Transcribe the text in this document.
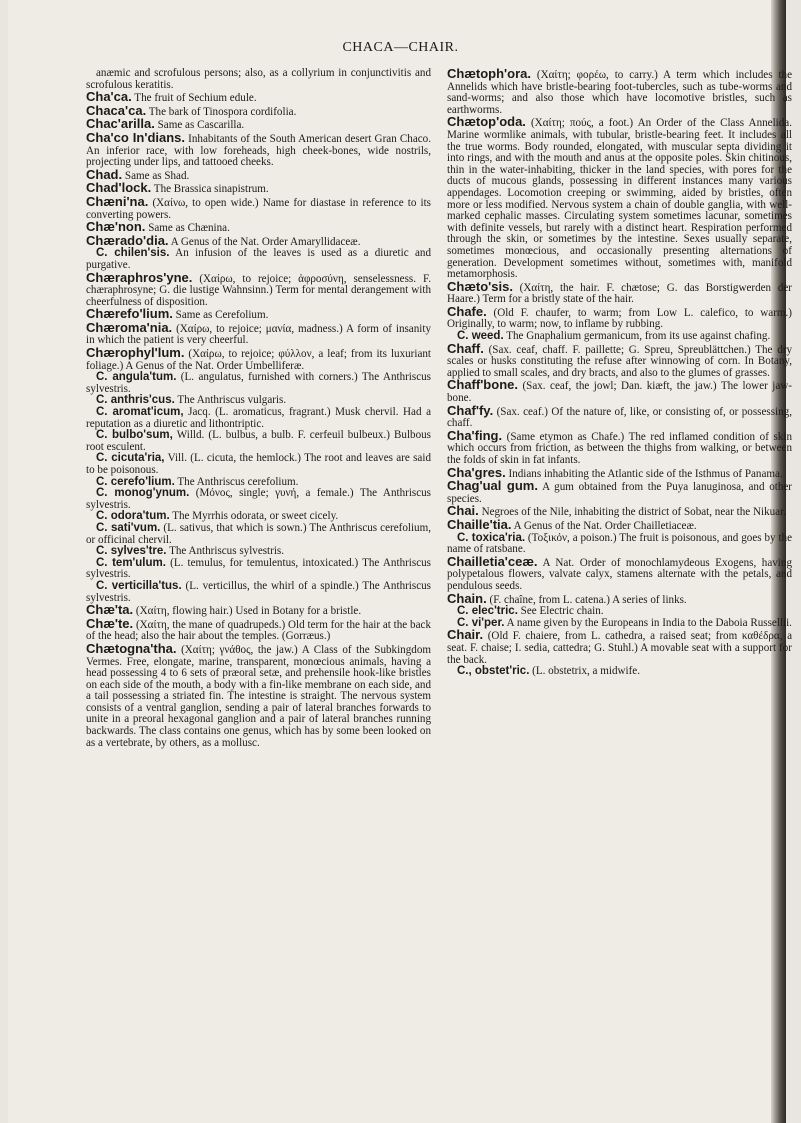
CHACA—CHAIR.

anæmic and scrofulous persons; also, as a collyrium in conjunctivitis and scrofulous keratitis.

Cha'ca. The fruit of Sechium edule.

Chaca'ca. The bark of Tinospora cordifolia.

Chac'arilla. Same as Cascarilla.

Cha'co In'dians. Inhabitants of the South American desert Gran Chaco. An inferior race, with low foreheads, high cheek-bones, wide nostrils, projecting under lips, and tattooed cheeks.

Chad. Same as Shad.

Chad'lock. The Brassica sinapistrum.

Chæni'na. (Χαίνω, to open wide.) Name for diastase in reference to its converting powers.

Chæ'non. Same as Chænina.

Chærado'dia. A Genus of the Nat. Order Amaryllidaceæ.

C. chilen'sis. An infusion of the leaves is used as a diuretic and purgative.

Chæraphros'yne. (Χαίρω, to rejoice; ἀφροσύνη, senselessness. F. chæraphrosyne; G. die lustige Wahnsinn.) Term for mental derangement with cheerfulness of disposition.

Chærefo'lium. Same as Cerefolium.

Chæroma'nia. (Χαίρω, to rejoice; μανία, madness.) A form of insanity in which the patient is very cheerful.

Chærophyl'lum. (Χαίρω, to rejoice; φύλλον, a leaf; from its luxuriant foliage.) A Genus of the Nat. Order Umbelliferæ.

C. angula'tum. (L. angulatus, furnished with corners.) The Anthriscus sylvestris.

C. anthris'cus. The Anthriscus vulgaris.

C. aromat'icum, Jacq. (L. aromaticus, fragrant.) Musk chervil. Had a reputation as a diuretic and lithontriptic.

C. bulbo'sum, Willd. (L. bulbus, a bulb. F. cerfeuil bulbeux.) Bulbous root esculent.

C. cicuta'ria, Vill. (L. cicuta, the hemlock.) The root and leaves are said to be poisonous.

C. cerefo'lium. The Anthriscus cerefolium.

C. monog'ynum. (Μόνος, single; γυνή, a female.) The Anthriscus sylvestris.

C. odora'tum. The Myrrhis odorata, or sweet cicely.

C. sati'vum. (L. sativus, that which is sown.) The Anthriscus cerefolium, or officinal chervil.

C. sylves'tre. The Anthriscus sylvestris.

C. tem'ulum. (L. temulus, for temulentus, intoxicated.) The Anthriscus sylvestris.

C. verticilla'tus. (L. verticillus, the whirl of a spindle.) The Anthriscus sylvestris.

Chæ'ta. (Χαίτη, flowing hair.) Used in Botany for a bristle.

Chæ'te. (Χαίτη, the mane of quadrupeds.) Old term for the hair at the back of the head; also the hair about the temples. (Gorræus.)

Chætogna'tha. (Χαίτη; γνάθος, the jaw.) A Class of the Subkingdom Vermes. Free, elongate, marine, transparent, monœcious animals, having a head possessing 4 to 6 sets of præoral setæ, and prehensile hook-like bristles on each side of the mouth, a body with a fin-like membrane on each side, and a tail possessing a striated fin. The intestine is straight. The nervous system consists of a ventral ganglion, sending a pair of lateral branches forwards to unite in a preoral hexagonal ganglion and a pair of lateral branches running backwards. The class contains one genus, which has by some been looked on as a vertebrate, by others, as a mollusc.

Chætoph'ora. (Χαίτη; φορέω, to carry.) A term which includes the Annelids which have bristle-bearing foot-tubercles, such as tube-worms and sand-worms; and also those which have locomotive bristles, such as earthworms.

Chætop'oda. (Χαίτη; πούς, a foot.) An Order of the Class Annelida. Marine wormlike animals, with tubular, bristle-bearing feet. It includes all the true worms. Body rounded, elongated, with muscular septa dividing it into rings, and with the mouth and anus at the opposite poles. Skin chitinous, thin in the water-inhabiting, thicker in the land species, with pores for the ducts of mucous glands, possessing in different instances many various appendages. Locomotion creeping or swimming, aided by bristles, often more or less modified. Nervous system a chain of double ganglia, with well-marked cephalic masses. Circulating system sometimes lacunar, sometimes with definite vessels, but rarely with a distinct heart. Respiration performed through the skin, or sometimes by the intestine. Sexes usually separate, sometimes monœcious, and occasionally presenting alternations of generation. Development sometimes without, sometimes with, manifold metamorphosis.

Chæto'sis. (Χαίτη, the hair. F. chætose; G. das Borstigwerden der Haare.) Term for a bristly state of the hair.

Chafe. (Old F. chaufer, to warm; from Low L. calefico, to warm.) Originally, to warm; now, to inflame by rubbing.

C. weed. The Gnaphalium germanicum, from its use against chafing.

Chaff. (Sax. ceaf, chaff. F. paillette; G. Spreu, Spreublättchen.) The dry scales or husks constituting the refuse after winnowing of corn. In Botany, applied to small scales, and dry bracts, and also to the glumes of grasses.

Chaff'bone. (Sax. ceaf, the jowl; Dan. kiæft, the jaw.) The lower jaw-bone.

Chaf'fy. (Sax. ceaf.) Of the nature of, like, or consisting of, or possessing, chaff.

Cha'fing. (Same etymon as Chafe.) The red inflamed condition of skin which occurs from friction, as between the thighs from walking, or between the folds of skin in fat infants.

Cha'gres. Indians inhabiting the Atlantic side of the Isthmus of Panama.

Chag'ual gum. A gum obtained from the Puya lanuginosa, and other species.

Chai. Negroes of the Nile, inhabiting the district of Sobat, near the Nikuar.

Chaille'tia. A Genus of the Nat. Order Chailletiaceæ.

C. toxica'ria. (Τοξικόν, a poison.) The fruit is poisonous, and goes by the name of ratsbane.

Chailletia'ceæ. A Nat. Order of monochlamydeous Exogens, having polypetalous flowers, valvate calyx, stamens alternate with the petals, and pendulous seeds.

Chain. (F. chaîne, from L. catena.) A series of links.

C. elec'tric. See Electric chain.

C. vi'per. A name given by the Europeans in India to the Daboia Russellii.

Chair. (Old F. chaiere, from L. cathedra, a raised seat; from καθέδρα, a seat. F. chaise; I. sedia, cattedra; G. Stuhl.) A movable seat with a support for the back.

C., obstet'ric. (L. obstetrix, a midwife.
